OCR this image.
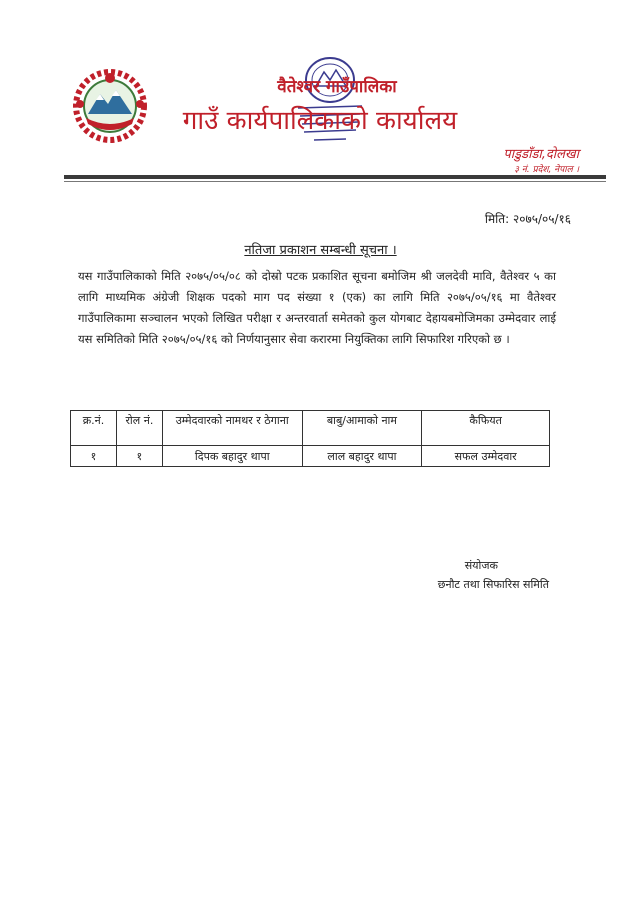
वैतेश्वर गाउँपालिका
गाउँ कार्यपालिकाको कार्यालय
पाडुडाँडा,दोलखा
३ नं. प्रदेश, नेपाल ।
मिति: २०७५/०५/१६
नतिजा प्रकाशन सम्बन्धी सूचना ।

यस गाउँपालिकाको मिति २०७५/०५/०८ को दोस्रो पटक प्रकाशित सूचना बमोजिम श्री जलदेवी मावि, वैतेश्वर ५ का लागि माध्यमिक अंग्रेजी शिक्षक पदको माग पद संख्या १ (एक) का लागि मिति २०७५/०५/१६ मा वैतेश्वर गाउँपालिकामा सञ्चालन भएको लिखित परीक्षा र अन्तरवार्ता समेतको कुल योगबाट देहायबमोजिमका उम्मेदवार लाई यस समितिको मिति २०७५/०५/१६ को निर्णयानुसार सेवा करारमा नियुक्तिका लागि सिफारिश गरिएको छ ।

क्र.नं.	रोल नं.	उम्मेदवारको नामथर र ठेगाना	बाबु/आमाको नाम	कैफियत
१	१	दिपक बहादुर थापा	लाल बहादुर थापा	सफल उम्मेदवार
संयोजक
छनौट तथा सिफारिस समिति
